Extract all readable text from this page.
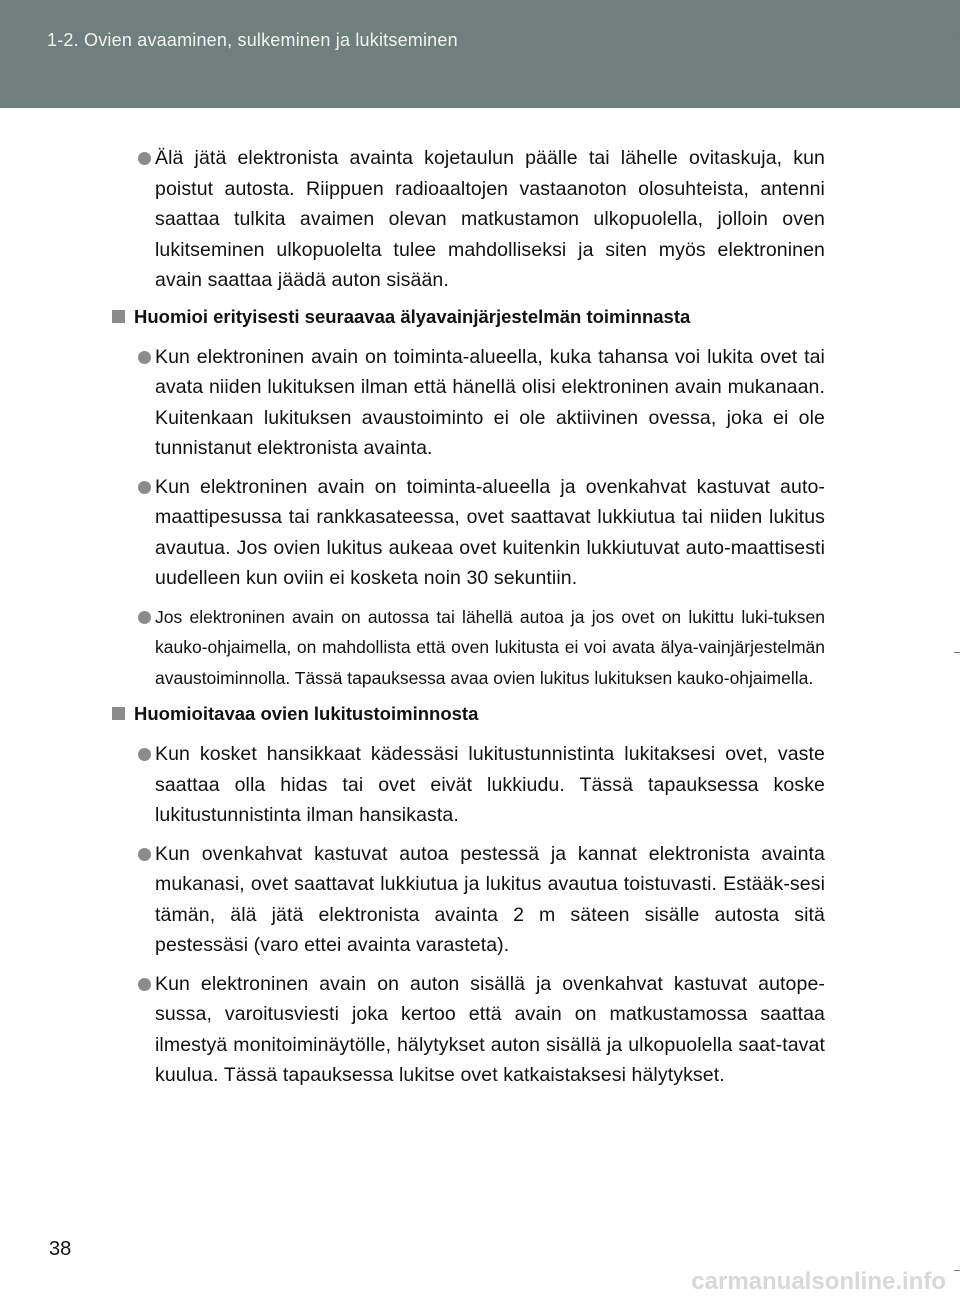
1-2. Ovien avaaminen, sulkeminen ja lukitseminen
Älä jätä elektronista avainta kojetaulun päälle tai lähelle ovitaskuja, kun poistut autosta. Riippuen radioaaltojen vastaanoton olosuhteista, antenni saattaa tulkita avaimen olevan matkustamon ulkopuolella, jolloin oven lukitseminen ulkopuolelta tulee mahdolliseksi ja siten myös elektroninen avain saattaa jäädä auton sisään.
Huomioi erityisesti seuraavaa älyavainjärjestelmän toiminnasta
Kun elektroninen avain on toiminta-alueella, kuka tahansa voi lukita ovet tai avata niiden lukituksen ilman että hänellä olisi elektroninen avain mukanaan. Kuitenkaan lukituksen avaustoiminto ei ole aktiivinen ovessa, joka ei ole tunnistanut elektronista avainta.
Kun elektroninen avain on toiminta-alueella ja ovenkahvat kastuvat auto-maattipesussa tai rankkasateessa, ovet saattavat lukkiutua tai niiden lukitus avautua. Jos ovien lukitus aukeaa ovet kuitenkin lukkiutuvat auto-maattisesti uudelleen kun oviin ei kosketa noin 30 sekuntiin.
Jos elektroninen avain on autossa tai lähellä autoa ja jos ovet on lukittu luki-tuksen kauko-ohjaimella, on mahdollista että oven lukitusta ei voi avata älya-vainjärjestelmän avaustoiminnolla. Tässä tapauksessa avaa ovien lukitus lukituksen kauko-ohjaimella.
Huomioitavaa ovien lukitustoiminnosta
Kun kosket hansikkaat kädessäsi lukitustunnistinta lukitaksesi ovet, vaste saattaa olla hidas tai ovet eivät lukkiudu. Tässä tapauksessa koske lukitustunnistinta ilman hansikasta.
Kun ovenkahvat kastuvat autoa pestessä ja kannat elektronista avainta mukanasi, ovet saattavat lukkiutua ja lukitus avautua toistuvasti. Estääk-sesi tämän, älä jätä elektronista avainta 2 m säteen sisälle autosta sitä pestessäsi (varo ettei avainta varasteta).
Kun elektroninen avain on auton sisällä ja ovenkahvat kastuvat autope-sussa, varoitusviesti joka kertoo että avain on matkustamossa saattaa ilmestyä monitoiminäytölle, hälytykset auton sisällä ja ulkopuolella saat-tavat kuulua. Tässä tapauksessa lukitse ovet katkaistaksesi hälytykset.
38
carmanualsonline.info
